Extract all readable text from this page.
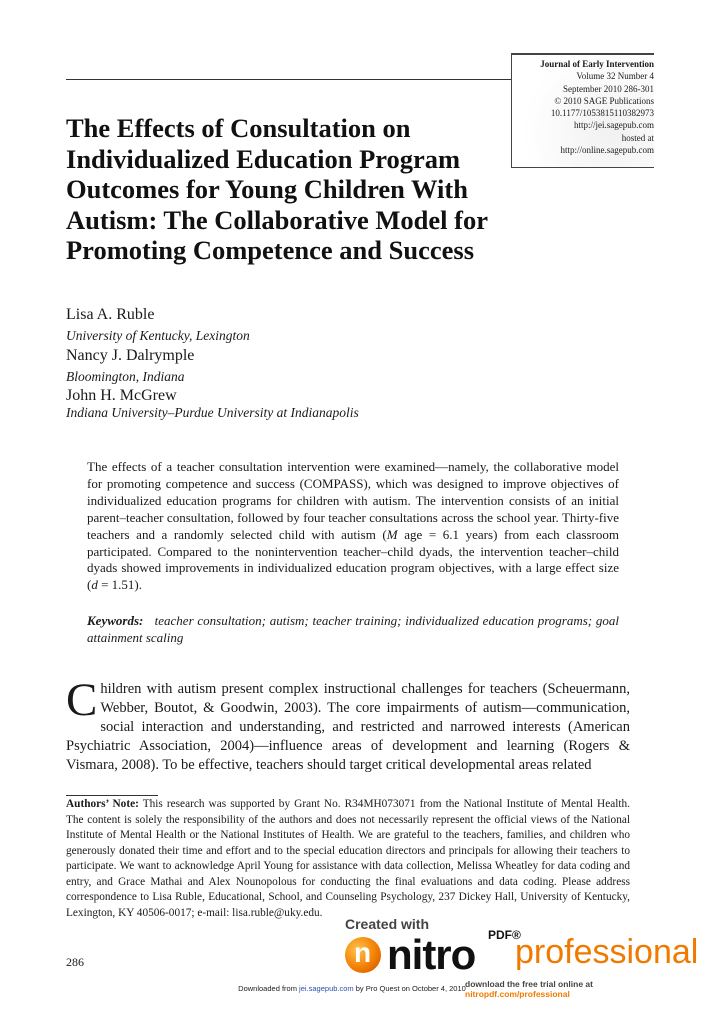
Journal of Early Intervention
Volume 32 Number 4
September 2010 286-301
© 2010 SAGE Publications
10.1177/1053815110382973
http://jei.sagepub.com
hosted at
http://online.sagepub.com
The Effects of Consultation on Individualized Education Program Outcomes for Young Children With Autism: The Collaborative Model for Promoting Competence and Success
Lisa A. Ruble
University of Kentucky, Lexington
Nancy J. Dalrymple
Bloomington, Indiana
John H. McGrew
Indiana University–Purdue University at Indianapolis

The effects of a teacher consultation intervention were examined—namely, the collaborative model for promoting competence and success (COMPASS), which was designed to improve objectives of individualized education programs for children with autism. The intervention consists of an initial parent–teacher consultation, followed by four teacher consultations across the school year. Thirty-five teachers and a randomly selected child with autism (M age = 6.1 years) from each classroom participated. Compared to the nonintervention teacher–child dyads, the intervention teacher–child dyads showed improvements in individualized education program objectives, with a large effect size (d = 1.51).

Keywords: teacher consultation; autism; teacher training; individualized education programs; goal attainment scaling

Children with autism present complex instructional challenges for teachers (Scheuermann, Webber, Boutot, & Goodwin, 2003). The core impairments of autism—communication, social interaction and understanding, and restricted and narrowed interests (American Psychiatric Association, 2004)—influence areas of development and learning (Rogers & Vismara, 2008). To be effective, teachers should target critical developmental areas related

Authors’ Note: This research was supported by Grant No. R34MH073071 from the National Institute of Mental Health. The content is solely the responsibility of the authors and does not necessarily represent the official views of the National Institute of Mental Health or the National Institutes of Health. We are grateful to the teachers, families, and children who generously donated their time and effort and to the special education directors and principals for allowing their teachers to participate. We want to acknowledge April Young for assistance with data collection, Melissa Wheatley for data coding and entry, and Grace Mathai and Alex Nounopolous for conducting the final evaluations and data coding. Please address correspondence to Lisa Ruble, Educational, School, and Counseling Psychology, 237 Dickey Hall, University of Kentucky, Lexington, KY 40506-0017; e-mail: lisa.ruble@uky.edu.

286
Created with
n
nitro PDF®
professional
download the free trial online at nitropdf.com/professional
Downloaded from jei.sagepub.com by Pro Quest on October 4, 2010
